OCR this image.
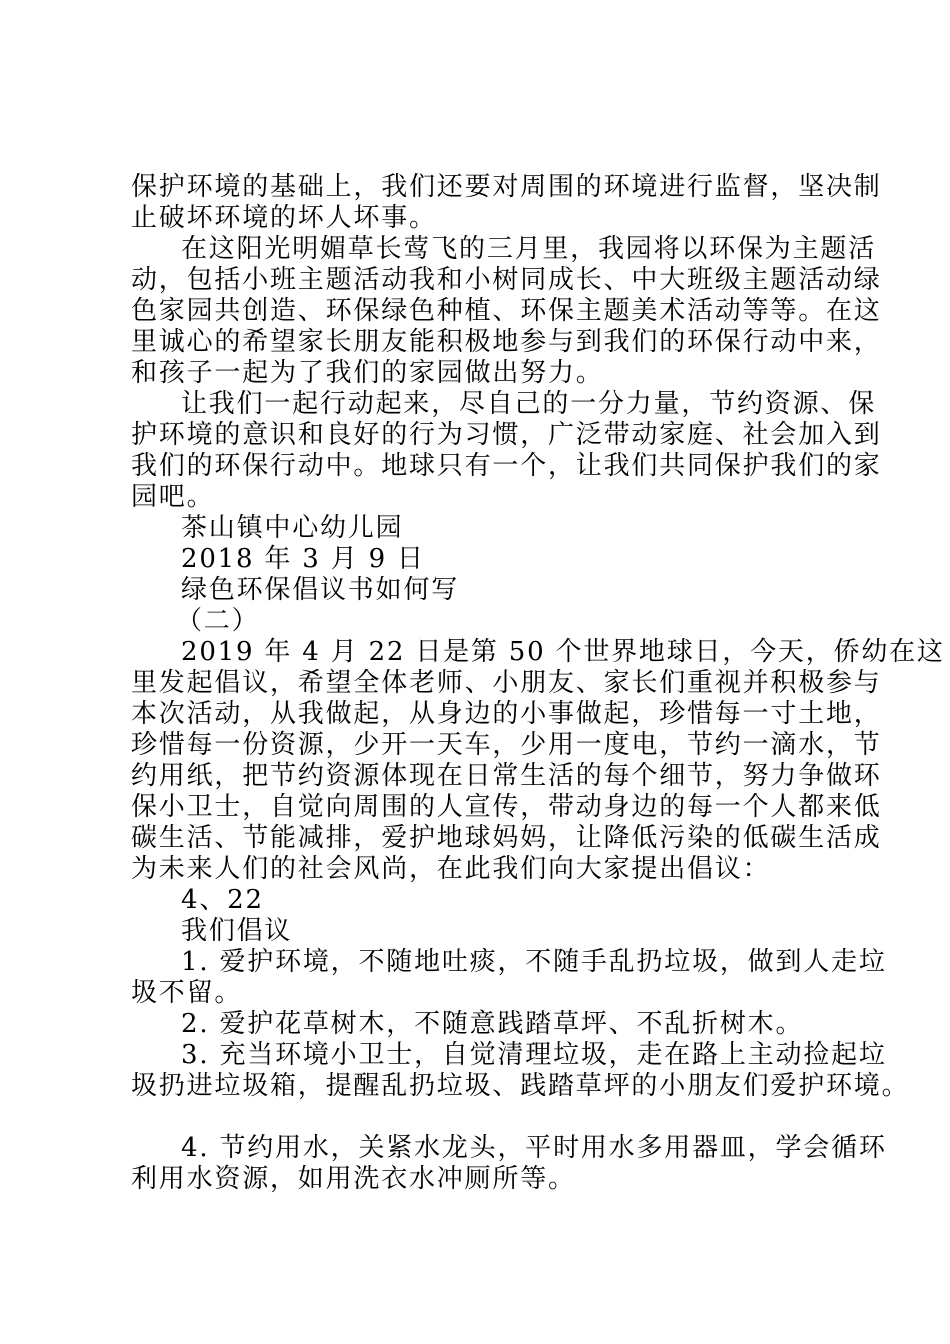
保护环境的基础上，我们还要对周围的环境进行监督，坚决制
止破坏环境的坏人坏事。
在这阳光明媚草长莺飞的三月里，我园将以环保为主题活
动，包括小班主题活动我和小树同成长、中大班级主题活动绿
色家园共创造、环保绿色种植、环保主题美术活动等等。在这
里诚心的希望家长朋友能积极地参与到我们的环保行动中来，
和孩子一起为了我们的家园做出努力。
让我们一起行动起来，尽自己的一分力量，节约资源、保
护环境的意识和良好的行为习惯，广泛带动家庭、社会加入到
我们的环保行动中。地球只有一个，让我们共同保护我们的家
园吧。
茶山镇中心幼儿园
2018 年 3 月 9 日
绿色环保倡议书如何写
（二）
2019 年 4 月 22 日是第 50 个世界地球日，今天，侨幼在这
里发起倡议，希望全体老师、小朋友、家长们重视并积极参与
本次活动，从我做起，从身边的小事做起，珍惜每一寸土地，
珍惜每一份资源，少开一天车，少用一度电，节约一滴水，节
约用纸，把节约资源体现在日常生活的每个细节，努力争做环
保小卫士，自觉向周围的人宣传，带动身边的每一个人都来低
碳生活、节能减排，爱护地球妈妈，让降低污染的低碳生活成
为未来人们的社会风尚，在此我们向大家提出倡议：
4、22
我们倡议
1. 爱护环境，不随地吐痰，不随手乱扔垃圾，做到人走垃
圾不留。
2. 爱护花草树木，不随意践踏草坪、不乱折树木。
3. 充当环境小卫士，自觉清理垃圾，走在路上主动捡起垃
圾扔进垃圾箱，提醒乱扔垃圾、践踏草坪的小朋友们爱护环境。
4. 节约用水，关紧水龙头，平时用水多用器皿，学会循环
利用水资源，如用洗衣水冲厕所等。
